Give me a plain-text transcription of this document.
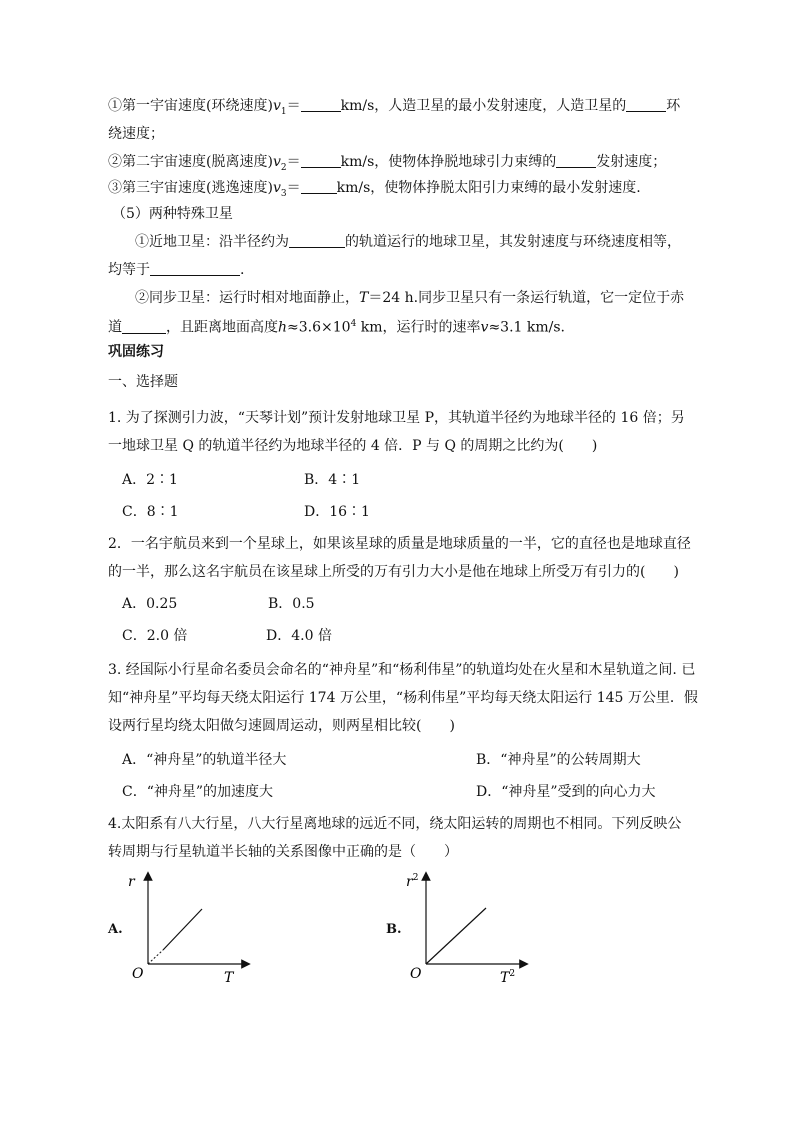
①第一宇宙速度(环绕速度)$v_1=$	km/s，人造卫星的最小发射速度，人造卫星的	环
绕速度；
②第二宇宙速度(脱离速度)$v_2=$	km/s，使物体挣脱地球引力束缚的	发射速度；
③第三宇宙速度(逃逸速度)$v_3=$	km/s，使物体挣脱太阳引力束缚的最小发射速度.
（5）两种特殊卫星
①近地卫星：沿半径约为	的轨道运行的地球卫星，其发射速度与环绕速度相等，
均等于	.
②同步卫星：运行时相对地面静止，T＝24 h.同步卫星只有一条运行轨道，它一定位于赤
道	，且距离地面高度$h\approx 3.6\times 10^4$ km，运行时的速率v≈3.1 km/s.
巩固练习
一、选择题
1. 为了探测引力波，“天琴计划”预计发射地球卫星 P，其轨道半径约为地球半径的 16 倍；另
一地球卫星 Q 的轨道半径约为地球半径的 4 倍．P 与 Q 的周期之比约为(　　)
A．2∶1	B．4∶1
C．8∶1	D．16∶1
2．一名宇航员来到一个星球上，如果该星球的质量是地球质量的一半，它的直径也是地球直径
的一半，那么这名宇航员在该星球上所受的万有引力大小是他在地球上所受万有引力的(　　)
A．0.25	B．0.5
C．2.0 倍	D．4.0 倍
3. 经国际小行星命名委员会命名的“神舟星”和“杨利伟星”的轨道均处在火星和木星轨道之间. 已
知“神舟星”平均每天绕太阳运行 174 万公里，“杨利伟星”平均每天绕太阳运行 145 万公里．假
设两行星均绕太阳做匀速圆周运动，则两星相比较(　　)
A．“神舟星”的轨道半径大	B．“神舟星”的公转周期大
C．“神舟星”的加速度大	D．“神舟星”受到的向心力大
4.太阳系有八大行星，八大行星离地球的远近不同，绕太阳运转的周期也不相同。下列反映公
转周期与行星轨道半长轴的关系图像中正确的是（　　）
A.
r
O	T
B.
$r^2$
O	$T^2$
